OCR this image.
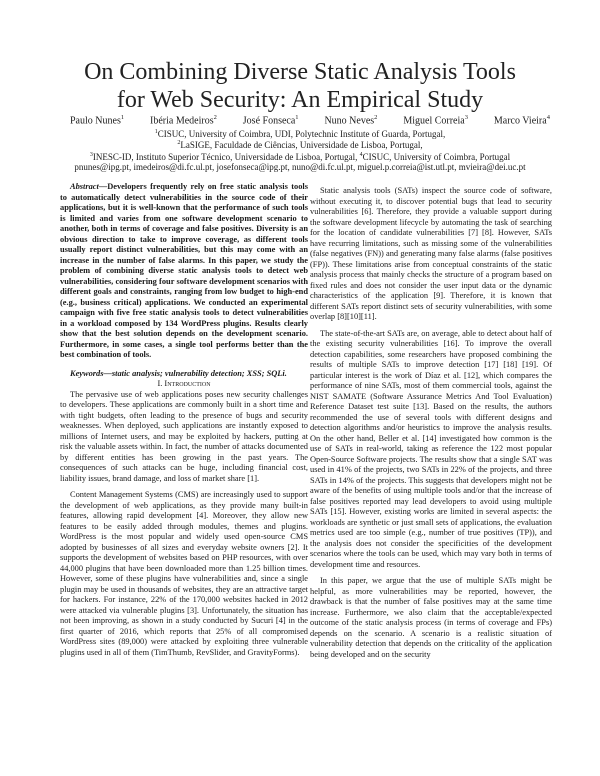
On Combining Diverse Static Analysis Tools
for Web Security: An Empirical Study
Paulo Nunes$^1$	Ibéria Medeiros$^2$	José Fonseca$^1$	Nuno Neves$^2$	Miguel Correia$^3$	Marco Vieira$^4$
$^1$CISUC, University of Coimbra, UDI, Polytechnic Institute of Guarda, Portugal,
$^2$LaSIGE, Faculdade de Ciências, Universidade de Lisboa, Portugal,
$^3$INESC-ID, Instituto Superior Técnico, Universidade de Lisboa, Portugal, $^4$CISUC, University of Coimbra, Portugal
pnunes@ipg.pt, imedeiros@di.fc.ul.pt, josefonseca@ipg.pt, nuno@di.fc.ul.pt, miguel.p.correia@ist.utl.pt, mvieira@dei.uc.pt

Abstract—Developers frequently rely on free static analysis tools to automatically detect vulnerabilities in the source code of their applications, but it is well-known that the performance of such tools is limited and varies from one software development scenario to another, both in terms of coverage and false positives. Diversity is an obvious direction to take to improve coverage, as different tools usually report distinct vulnerabilities, but this may come with an increase in the number of false alarms. In this paper, we study the problem of combining diverse static analysis tools to detect web vulnerabilities, considering four software development scenarios with different goals and constraints, ranging from low budget to high-end (e.g., business critical) applications. We conducted an experimental campaign with five free static analysis tools to detect vulnerabilities in a workload composed by 134 WordPress plugins. Results clearly show that the best solution depends on the development scenario. Furthermore, in some cases, a single tool performs better than the best combination of tools.

Keywords—static analysis; vulnerability detection; XSS; SQLi.

I. Introduction

The pervasive use of web applications poses new security challenges to developers. These applications are commonly built in a short time and with tight budgets, often leading to the presence of bugs and security weaknesses. When deployed, such applications are instantly exposed to millions of Internet users, and may be exploited by hackers, putting at risk the valuable assets within. In fact, the number of attacks documented by different entities has been growing in the past years. The consequences of such attacks can be huge, including financial cost, liability issues, brand damage, and loss of market share [1].

Content Management Systems (CMS) are increasingly used to support the development of web applications, as they provide many built-in features, allowing rapid development [4]. Moreover, they allow new features to be easily added through modules, themes and plugins. WordPress is the most popular and widely used open-source CMS adopted by businesses of all sizes and everyday website owners [2]. It supports the development of websites based on PHP resources, with over 44,000 plugins that have been downloaded more than 1.25 billion times. However, some of these plugins have vulnerabilities and, since a single plugin may be used in thousands of websites, they are an attractive target for hackers. For instance, 22% of the 170,000 websites hacked in 2012 were attacked via vulnerable plugins [3]. Unfortunately, the situation has not been improving, as shown in a study conducted by Sucuri [4] in the first quarter of 2016, which reports that 25% of all compromised WordPress sites (89,000) were attacked by exploiting three vulnerable plugins used in all of them (TimThumb, RevSlider, and GravityForms).

Static analysis tools (SATs) inspect the source code of software, without executing it, to discover potential bugs that lead to security vulnerabilities [6]. Therefore, they provide a valuable support during the software development lifecycle by automating the task of searching for the location of candidate vulnerabilities [7] [8]. However, SATs have recurring limitations, such as missing some of the vulnerabilities (false negatives (FN)) and generating many false alarms (false positives (FP)). These limitations arise from conceptual constraints of the static analysis process that mainly checks the structure of a program based on fixed rules and does not consider the user input data or the dynamic characteristics of the application [9]. Therefore, it is known that different SATs report distinct sets of security vulnerabilities, with some overlap [8][10][11].

The state-of-the-art SATs are, on average, able to detect about half of the existing security vulnerabilities [16]. To improve the overall detection capabilities, some researchers have proposed combining the results of multiple SATs to improve detection [17] [18] [19]. Of particular interest is the work of Díaz et al. [12], which compares the performance of nine SATs, most of them commercial tools, against the NIST SAMATE (Software Assurance Metrics And Tool Evaluation) Reference Dataset test suite [13]. Based on the results, the authors recommended the use of several tools with different designs and detection algorithms and/or heuristics to improve the analysis results. On the other hand, Beller et al. [14] investigated how common is the use of SATs in real-world, taking as reference the 122 most popular Open-Source Software projects. The results show that a single SAT was used in 41% of the projects, two SATs in 22% of the projects, and three SATs in 14% of the projects. This suggests that developers might not be aware of the benefits of using multiple tools and/or that the increase of false positives reported may lead developers to avoid using multiple SATs [15]. However, existing works are limited in several aspects: the workloads are synthetic or just small sets of applications, the evaluation metrics used are too simple (e.g., number of true positives (TP)), and the analysis does not consider the specificities of the development scenarios where the tools can be used, which may vary both in terms of development time and resources.

In this paper, we argue that the use of multiple SATs might be helpful, as more vulnerabilities may be reported, however, the drawback is that the number of false positives may at the same time increase. Furthermore, we also claim that the acceptable/expected outcome of the static analysis process (in terms of coverage and FPs) depends on the scenario. A scenario is a realistic situation of vulnerability detection that depends on the criticality of the application being developed and on the security
